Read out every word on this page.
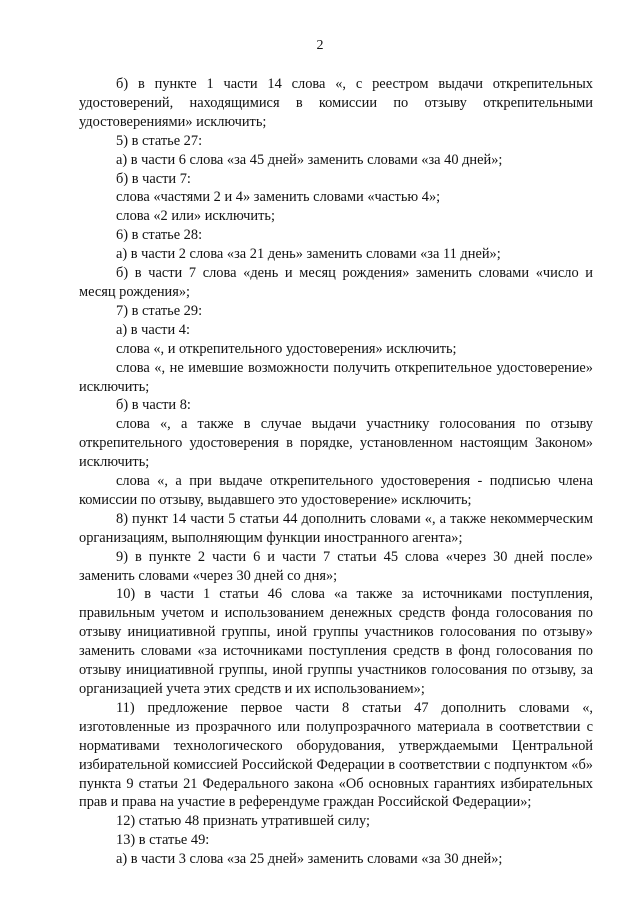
2

б) в пункте 1 части 14 слова «, с реестром выдачи открепительных удостоверений, находящимися в комиссии по отзыву открепительными удостоверениями» исключить;

5) в статье 27:

а) в части 6 слова «за 45 дней» заменить словами «за 40 дней»;

б) в части 7:

слова «частями 2 и 4» заменить словами «частью 4»;

слова «2 или» исключить;

6) в статье 28:

а) в части 2 слова «за 21 день» заменить словами «за 11 дней»;

б) в части 7 слова «день и месяц рождения» заменить словами «число и месяц рождения»;

7) в статье 29:

а) в части 4:

слова «, и открепительного удостоверения» исключить;

слова «, не имевшие возможности получить открепительное удостоверение» исключить;

б) в части 8:

слова «, а также в случае выдачи участнику голосования по отзыву открепительного удостоверения в порядке, установленном настоящим Законом» исключить;

слова «, а при выдаче открепительного удостоверения - подписью члена комиссии по отзыву, выдавшего это удостоверение» исключить;

8) пункт 14 части 5 статьи 44 дополнить словами «, а также некоммерческим организациям, выполняющим функции иностранного агента»;

9) в пункте 2 части 6 и части 7 статьи 45 слова «через 30 дней после» заменить словами «через 30 дней со дня»;

10) в части 1 статьи 46 слова «а также за источниками поступления, правильным учетом и использованием денежных средств фонда голосования по отзыву инициативной группы, иной группы участников голосования по отзыву» заменить словами «за источниками поступления средств в фонд голосования по отзыву инициативной группы, иной группы участников голосования по отзыву, за организацией учета этих средств и их использованием»;

11) предложение первое части 8 статьи 47 дополнить словами «, изготовленные из прозрачного или полупрозрачного материала в соответствии с нормативами технологического оборудования, утверждаемыми Центральной избирательной комиссией Российской Федерации в соответствии с подпунктом «б» пункта 9 статьи 21 Федерального закона «Об основных гарантиях избирательных прав и права на участие в референдуме граждан Российской Федерации»;

12) статью 48 признать утратившей силу;

13) в статье 49:

а) в части 3 слова «за 25 дней» заменить словами «за 30 дней»;
